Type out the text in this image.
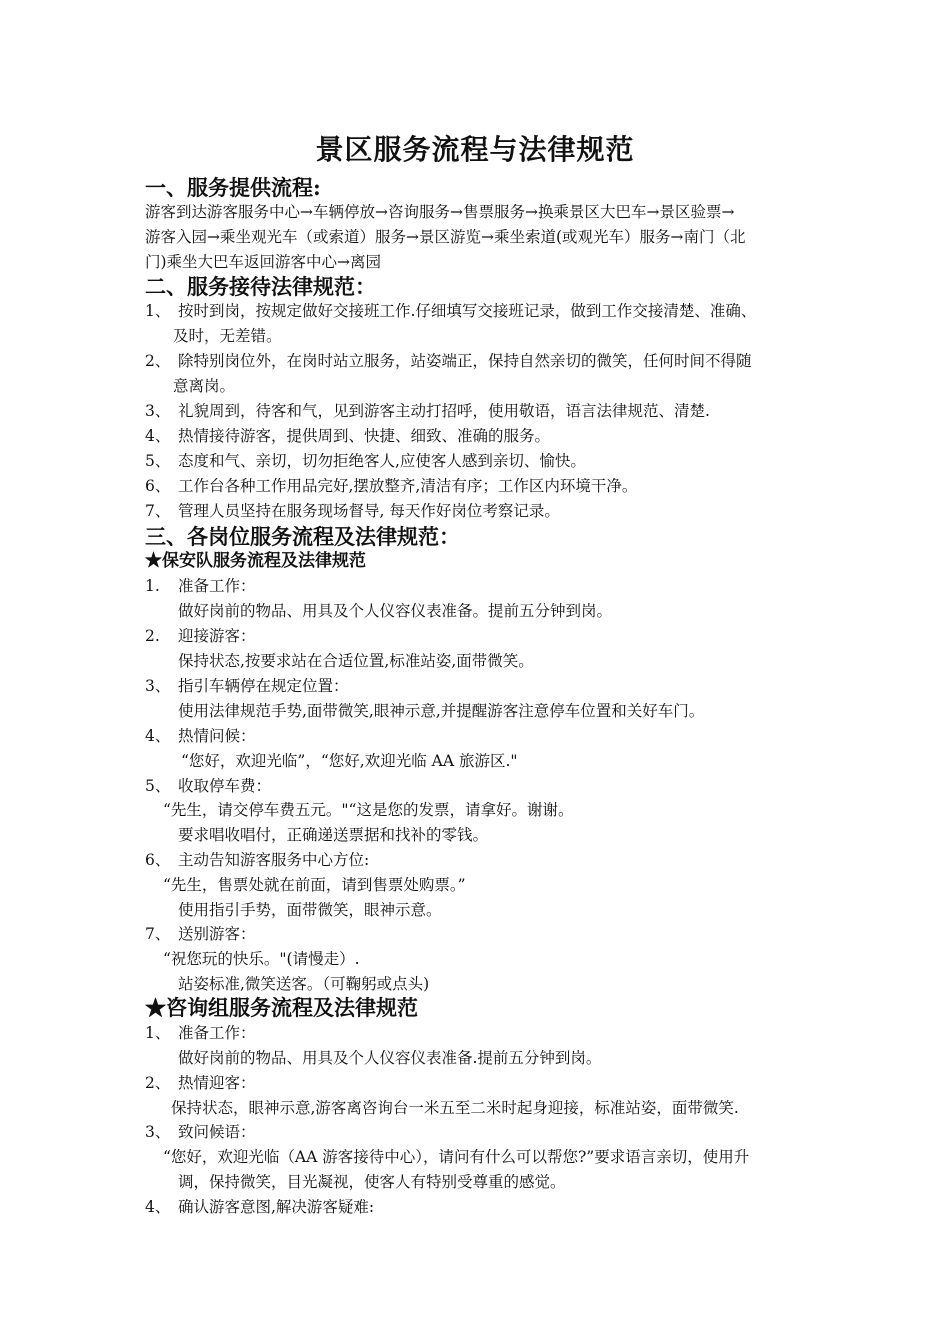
景区服务流程与法律规范
一、服务提供流程:
游客到达游客服务中心→车辆停放→咨询服务→售票服务→换乘景区大巴车→景区验票→
游客入园→乘坐观光车（或索道）服务→景区游览→乘坐索道(或观光车）服务→南门（北
门)乘坐大巴车返回游客中心→离园
二、服务接待法律规范：
1、 按时到岗，按规定做好交接班工作.仔细填写交接班记录，做到工作交接清楚、准确、
及时，无差错。
2、 除特别岗位外，在岗时站立服务，站姿端正，保持自然亲切的微笑，任何时间不得随
意离岗。
3、 礼貌周到，待客和气，见到游客主动打招呼，使用敬语，语言法律规范、清楚.
4、 热情接待游客，提供周到、快捷、细致、准确的服务。
5、 态度和气、亲切，切勿拒绝客人,应使客人感到亲切、愉快。
6、 工作台各种工作用品完好,摆放整齐,清洁有序；工作区内环境干净。
7、 管理人员坚持在服务现场督导, 每天作好岗位考察记录。
三、各岗位服务流程及法律规范：
★保安队服务流程及法律规范
1. 准备工作：
做好岗前的物品、用具及个人仪容仪表准备。提前五分钟到岗。
2. 迎接游客：
保持状态,按要求站在合适位置,标准站姿,面带微笑。
3、 指引车辆停在规定位置：
使用法律规范手势,面带微笑,眼神示意,并提醒游客注意停车位置和关好车门。
4、 热情问候：
“您好，欢迎光临”，“您好,欢迎光临 AA 旅游区."
5、 收取停车费：
“先生，请交停车费五元。"“这是您的发票，请拿好。谢谢。
要求唱收唱付，正确递送票据和找补的零钱。
6、 主动告知游客服务中心方位:
“先生，售票处就在前面，请到售票处购票。”
使用指引手势，面带微笑，眼神示意。
7、 送别游客：
“祝您玩的快乐。"(请慢走）.
站姿标准,微笑送客。（可鞠躬或点头)
★咨询组服务流程及法律规范
1、 准备工作：
做好岗前的物品、用具及个人仪容仪表准备.提前五分钟到岗。
2、 热情迎客：
保持状态，眼神示意,游客离咨询台一米五至二米时起身迎接，标准站姿，面带微笑.
3、 致问候语：
“您好，欢迎光临（AA 游客接待中心），请问有什么可以帮您?”要求语言亲切，使用升
调，保持微笑，目光凝视，使客人有特别受尊重的感觉。
4、 确认游客意图,解决游客疑难:
